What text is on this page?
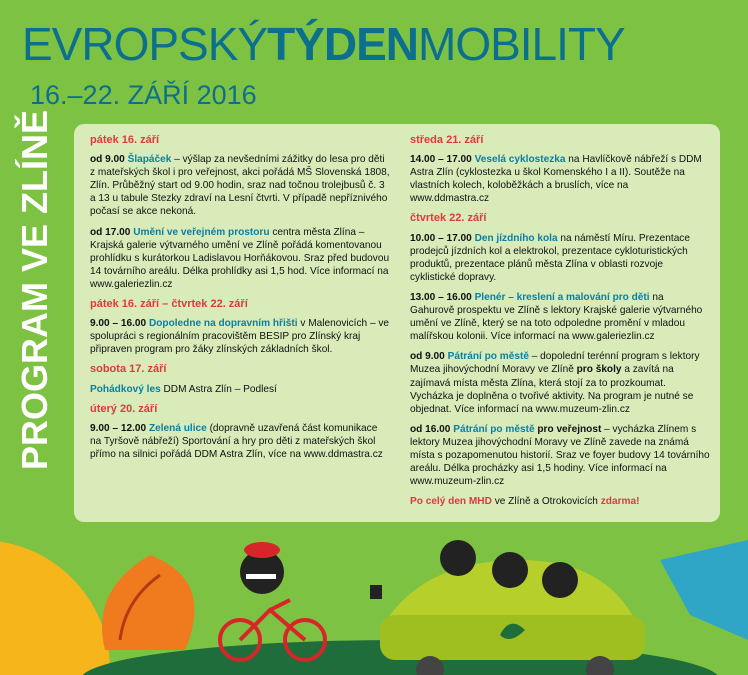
EVROPSKÝTÝDENMOBILITY
16.–22. ZÁŘÍ 2016
PROGRAM VE ZLÍNĚ	pátek 16. září
od 9.00 Šlapáček – výšlap za nevšedními zážitky do lesa pro děti z mateřských škol i pro veřejnost, akci pořádá MŠ Slovenská 1808, Zlín. Průběžný start od 9.00 hodin, sraz nad točnou trolejbusů č. 3 a 13 u tabule Stezky zdraví na Lesní čtvrti. V případě nepříznivého počasí se akce nekoná.
od 17.00 Umění ve veřejném prostoru centra města Zlína – Krajská galerie výtvarného umění ve Zlíně pořádá komentovanou prohlídku s kurátorkou Ladislavou Horňákovou. Sraz před budovou 14 továrního areálu. Délka prohlídky asi 1,5 hod. Více informací na www.galeriezlin.cz
pátek 16. září – čtvrtek 22. září
9.00 – 16.00 Dopoledne na dopravním hřišti v Malenovicích – ve spolupráci s regionálním pracovištěm BESIP pro Zlínský kraj připraven program pro žáky zlínských základních škol.
sobota 17. září
Pohádkový les DDM Astra Zlín – Podlesí
úterý 20. září
9.00 – 12.00 Zelená ulice (dopravně uzavřená část komunikace na Tyršově nábřeží) Sportování a hry pro děti z mateřských škol přímo na silnici pořádá DDM Astra Zlín, více na www.ddmastra.cz
středa 21. září
14.00 – 17.00 Veselá cyklostezka na Havlíčkově nábřeží s DDM Astra Zlín (cyklostezka u škol Komenského I a II). Soutěže na vlastních kolech, koloběžkách a bruslích, více na www.ddmastra.cz
čtvrtek 22. září
10.00 – 17.00 Den jízdního kola na náměstí Míru. Prezentace prodejců jízdních kol a elektrokol, prezentace cykloturistických produktů, prezentace plánů města Zlína v oblasti rozvoje cyklistické dopravy.
13.00 – 16.00 Plenér – kreslení a malování pro děti na Gahurově prospektu ve Zlíně s lektory Krajské galerie výtvarného umění ve Zlíně, který se na toto odpoledne promění v mladou malířskou kolonii. Více informací na www.galeriezlin.cz
od 9.00 Pátrání po městě – dopolední terénní program s lektory Muzea jihovýchodní Moravy ve Zlíně pro školy a zavítá na zajímavá místa města Zlína, která stojí za to prozkoumat. Vycházka je doplněna o tvořivé aktivity. Na program je nutné se objednat. Více informací na www.muzeum-zlin.cz
od 16.00 Pátrání po městě pro veřejnost – vycházka Zlínem s lektory Muzea jihovýchodní Moravy ve Zlíně zavede na známá místa s pozapomenutou historií. Sraz ve foyer budovy 14 továrního areálu. Délka procházky asi 1,5 hodiny. Více informací na www.muzeum-zlin.cz
Po celý den MHD ve Zlíně a Otrokovicích zdarma!
